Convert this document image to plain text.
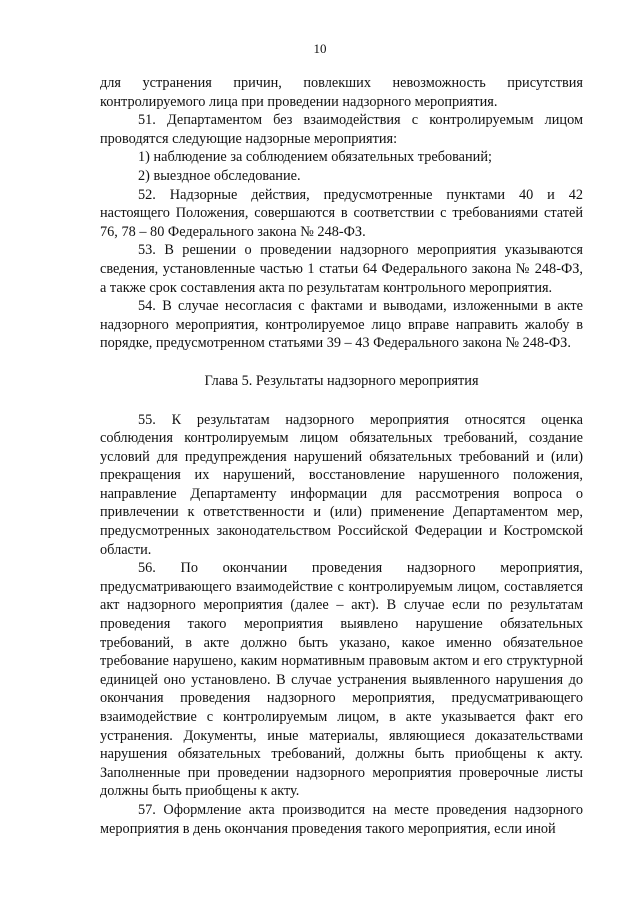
10

для устранения причин, повлекших невозможность присутствия контролируемого лица при проведении надзорного мероприятия.

51. Департаментом без взаимодействия с контролируемым лицом проводятся следующие надзорные мероприятия:

1) наблюдение за соблюдением обязательных требований;

2) выездное обследование.

52. Надзорные действия, предусмотренные пунктами 40 и 42 настоящего Положения, совершаются в соответствии с требованиями статей 76, 78 – 80 Федерального закона № 248-ФЗ.

53. В решении о проведении надзорного мероприятия указываются сведения, установленные частью 1 статьи 64 Федерального закона № 248-ФЗ, а также срок составления акта по результатам контрольного мероприятия.

54. В случае несогласия с фактами и выводами, изложенными в акте надзорного мероприятия, контролируемое лицо вправе направить жалобу в порядке, предусмотренном статьями 39 – 43 Федерального закона № 248-ФЗ.

Глава 5. Результаты надзорного мероприятия

55. К результатам надзорного мероприятия относятся оценка соблюдения контролируемым лицом обязательных требований, создание условий для предупреждения нарушений обязательных требований и (или) прекращения их нарушений, восстановление нарушенного положения, направление Департаменту информации для рассмотрения вопроса о привлечении к ответственности и (или) применение Департаментом мер, предусмотренных законодательством Российской Федерации и Костромской области.

56. По окончании проведения надзорного мероприятия, предусматривающего взаимодействие с контролируемым лицом, составляется акт надзорного мероприятия (далее – акт). В случае если по результатам проведения такого мероприятия выявлено нарушение обязательных требований, в акте должно быть указано, какое именно обязательное требование нарушено, каким нормативным правовым актом и его структурной единицей оно установлено. В случае устранения выявленного нарушения до окончания проведения надзорного мероприятия, предусматривающего взаимодействие с контролируемым лицом, в акте указывается факт его устранения. Документы, иные материалы, являющиеся доказательствами нарушения обязательных требований, должны быть приобщены к акту. Заполненные при проведении надзорного мероприятия проверочные листы должны быть приобщены к акту.

57. Оформление акта производится на месте проведения надзорного мероприятия в день окончания проведения такого мероприятия, если иной
